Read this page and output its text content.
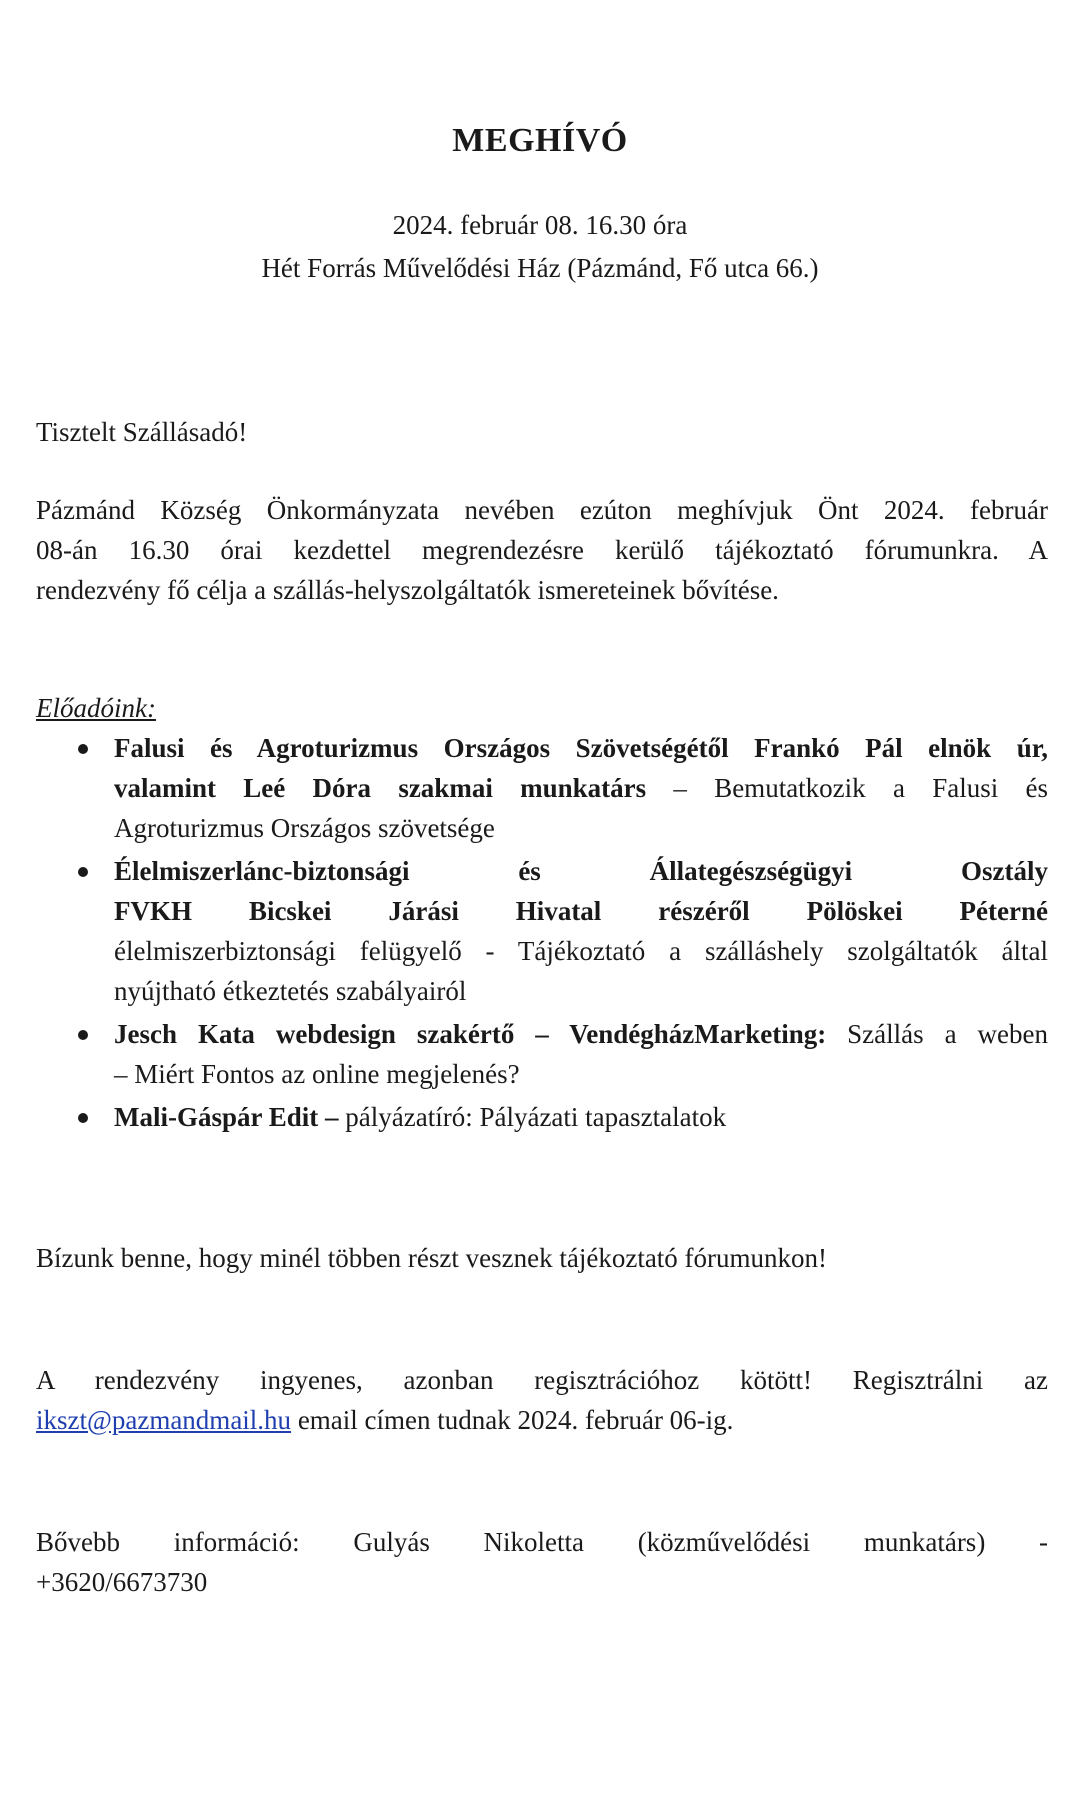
MEGHÍVÓ
2024. február 08. 16.30 óra
Hét Forrás Művelődési Ház (Pázmánd, Fő utca 66.)
Tisztelt Szállásadó!
Pázmánd Község Önkormányzata nevében ezúton meghívjuk Önt 2024. február
08-án 16.30 órai kezdettel megrendezésre kerülő tájékoztató fórumunkra. A
rendezvény fő célja a szállás-helyszolgáltatók ismereteinek bővítése.
Előadóink:
Falusi és Agroturizmus Országos Szövetségétől Frankó Pál elnök úr,
valamint Leé Dóra szakmai munkatárs – Bemutatkozik a Falusi és
Agroturizmus Országos szövetsége
Élelmiszerlánc-biztonsági és Állategészségügyi Osztály
FVKH Bicskei Járási Hivatal részéről Pölöskei Péterné
élelmiszerbiztonsági felügyelő - Tájékoztató a szálláshely szolgáltatók által
nyújtható étkeztetés szabályairól
Jesch Kata webdesign szakértő – VendégházMarketing: Szállás a weben
– Miért Fontos az online megjelenés?
Mali-Gáspár Edit – pályázatíró: Pályázati tapasztalatok
Bízunk benne, hogy minél többen részt vesznek tájékoztató fórumunkon!
A rendezvény ingyenes, azonban regisztrációhoz kötött! Regisztrálni az
ikszt@pazmandmail.hu email címen tudnak 2024. február 06-ig.
Bővebb információ: Gulyás Nikoletta (közművelődési munkatárs) -
+3620/6673730
